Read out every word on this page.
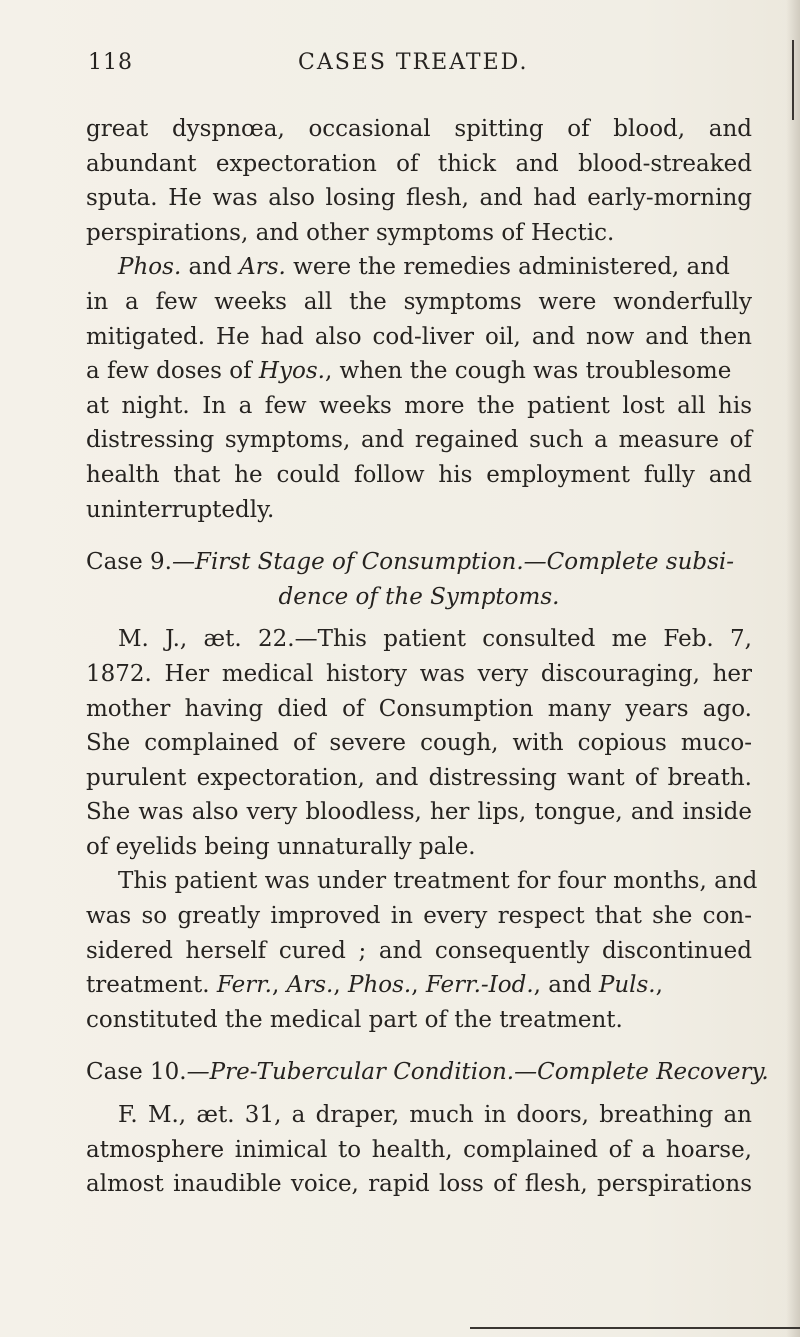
118	CASES TREATED.
great dyspnœa, occasional spitting of blood, and
abundant expectoration of thick and blood-streaked
sputa. He was also losing flesh, and had early-morning
perspirations, and other symptoms of Hectic.
Phos. and Ars. were the remedies administered, and
in a few weeks all the symptoms were wonderfully
mitigated. He had also cod-liver oil, and now and then
a few doses of Hyos., when the cough was troublesome
at night. In a few weeks more the patient lost all his
distressing symptoms, and regained such a measure of
health that he could follow his employment fully and
uninterruptedly.
Case 9.—First Stage of Consumption.—Complete subsi-
dence of the Symptoms.
M. J., æt. 22.—This patient consulted me Feb. 7,
1872. Her medical history was very discouraging, her
mother having died of Consumption many years ago.
She complained of severe cough, with copious muco-
purulent expectoration, and distressing want of breath.
She was also very bloodless, her lips, tongue, and inside
of eyelids being unnaturally pale.
This patient was under treatment for four months, and
was so greatly improved in every respect that she con-
sidered herself cured ; and consequently discontinued
treatment. Ferr., Ars., Phos., Ferr.-Iod., and Puls.,
constituted the medical part of the treatment.
Case 10.—Pre-Tubercular Condition.—Complete Recovery.
F. M., æt. 31, a draper, much in doors, breathing an
atmosphere inimical to health, complained of a hoarse,
almost inaudible voice, rapid loss of flesh, perspirations
